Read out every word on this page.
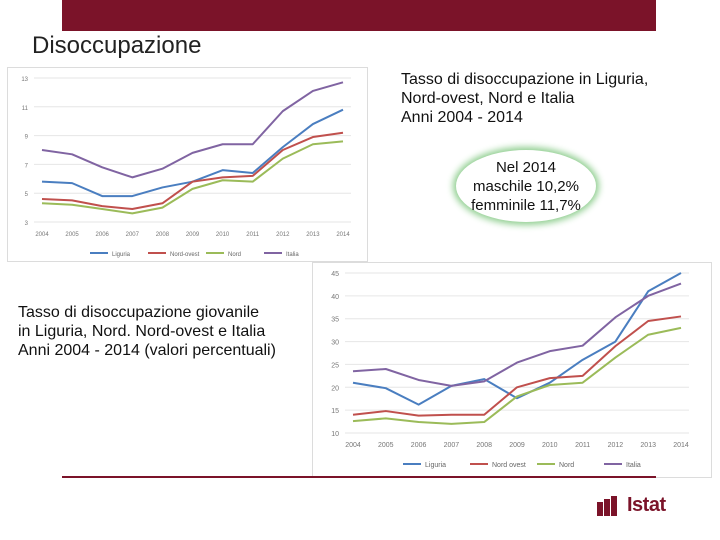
Disoccupazione
3
5
7
9
11
13
2004	2005	2006	2007	2008	2009	2010	2011	2012	2013	2014
Liguria	Nord-ovest	Nord	Italia
Tasso di disoccupazione in Liguria,
Nord-ovest, Nord e Italia
Anni 2004 - 2014
Nel 2014
maschile 10,2%
femminile 11,7%
Tasso di disoccupazione giovanile
in Liguria, Nord. Nord-ovest e Italia
Anni 2004 - 2014 (valori percentuali)
10
15
20
25
30
35
40
45
2004 2005 2006 2007 2008 2009 2010 2011 2012 2013 2014
Liguria	Nord ovest	Nord	Italia
Istat
